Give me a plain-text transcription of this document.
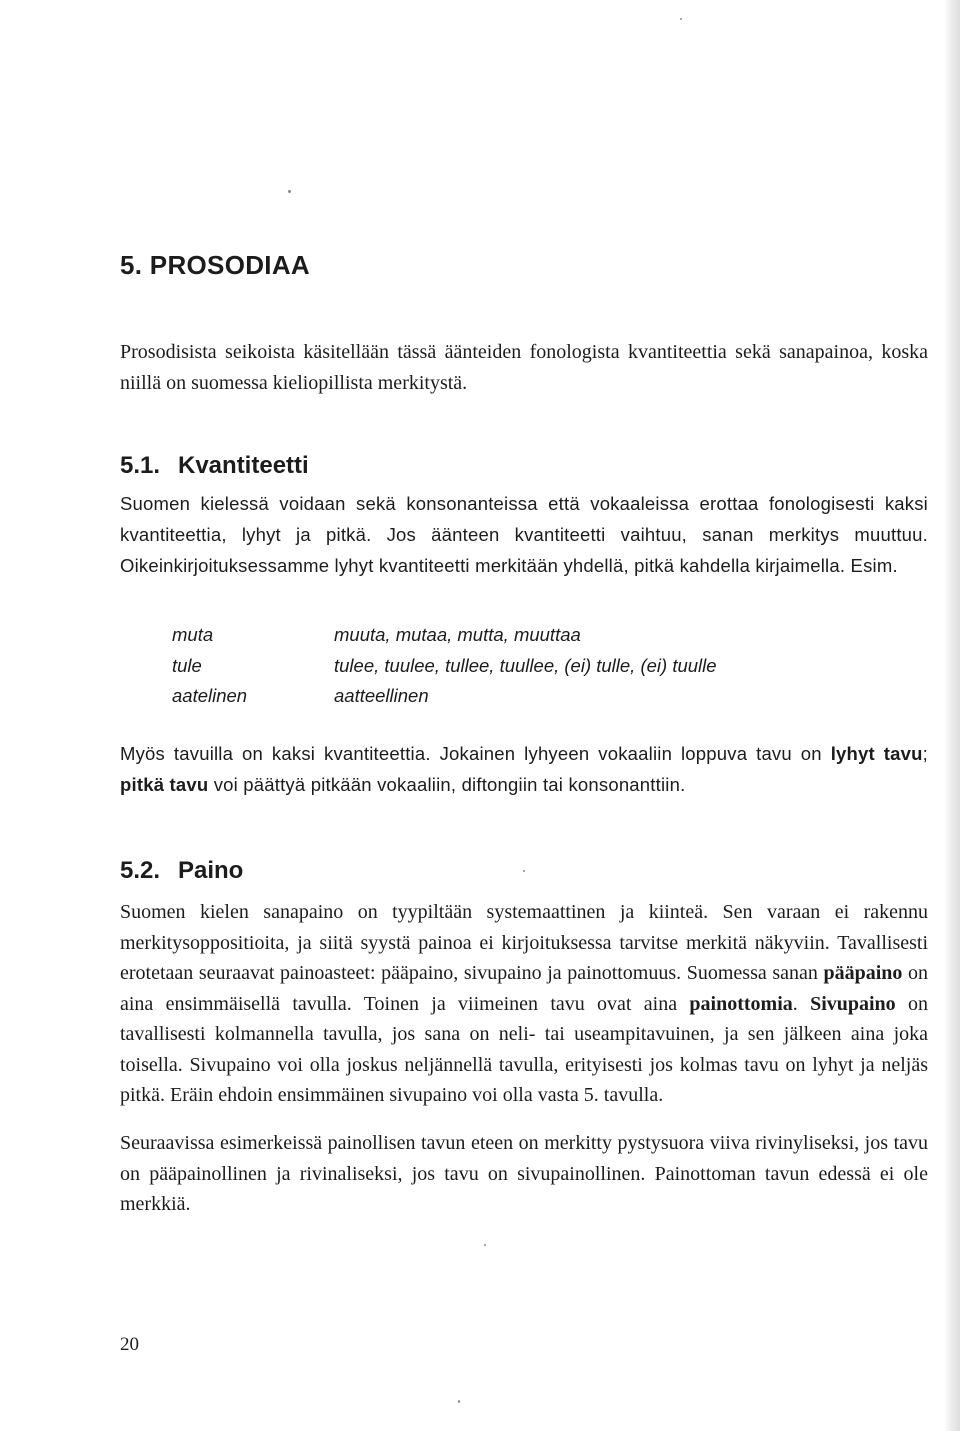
5. PROSODIAA

Prosodisista seikoista käsitellään tässä äänteiden fonologista kvantiteettia sekä sanapainoa, koska niillä on suomessa kieliopillista merkitystä.

5.1. Kvantiteetti

Suomen kielessä voidaan sekä konsonanteissa että vokaaleissa erottaa fonologisesti kaksi kvantiteettia, lyhyt ja pitkä. Jos äänteen kvantiteetti vaihtuu, sanan merkitys muuttuu. Oikeinkirjoituksessamme lyhyt kvantiteetti merkitään yhdellä, pitkä kahdella kirjaimella. Esim.

muta	muuta, mutaa, mutta, muuttaa
tule	tulee, tuulee, tullee, tuullee, (ei) tulle, (ei) tuulle
aatelinen	aatteellinen

Myös tavuilla on kaksi kvantiteettia. Jokainen lyhyeen vokaaliin loppuva tavu on lyhyt tavu; pitkä tavu voi päättyä pitkään vokaaliin, diftongiin tai konsonanttiin.

5.2. Paino

Suomen kielen sanapaino on tyypiltään systemaattinen ja kiinteä. Sen varaan ei rakennu merkitysoppositioita, ja siitä syystä painoa ei kirjoituksessa tarvitse merkitä näkyviin. Tavallisesti erotetaan seuraavat painoasteet: pääpaino, sivupaino ja painottomuus. Suomessa sanan pääpaino on aina ensimmäisellä tavulla. Toinen ja viimeinen tavu ovat aina painottomia. Sivupaino on tavallisesti kolmannella tavulla, jos sana on neli- tai useampitavuinen, ja sen jälkeen aina joka toisella. Sivupaino voi olla joskus neljännellä tavulla, erityisesti jos kolmas tavu on lyhyt ja neljäs pitkä. Eräin ehdoin ensimmäinen sivupaino voi olla vasta 5. tavulla.

Seuraavissa esimerkeissä painollisen tavun eteen on merkitty pystysuora viiva rivinyliseksi, jos tavu on pääpainollinen ja rivinaliseksi, jos tavu on sivupainollinen. Painottoman tavun edessä ei ole merkkiä.

20
